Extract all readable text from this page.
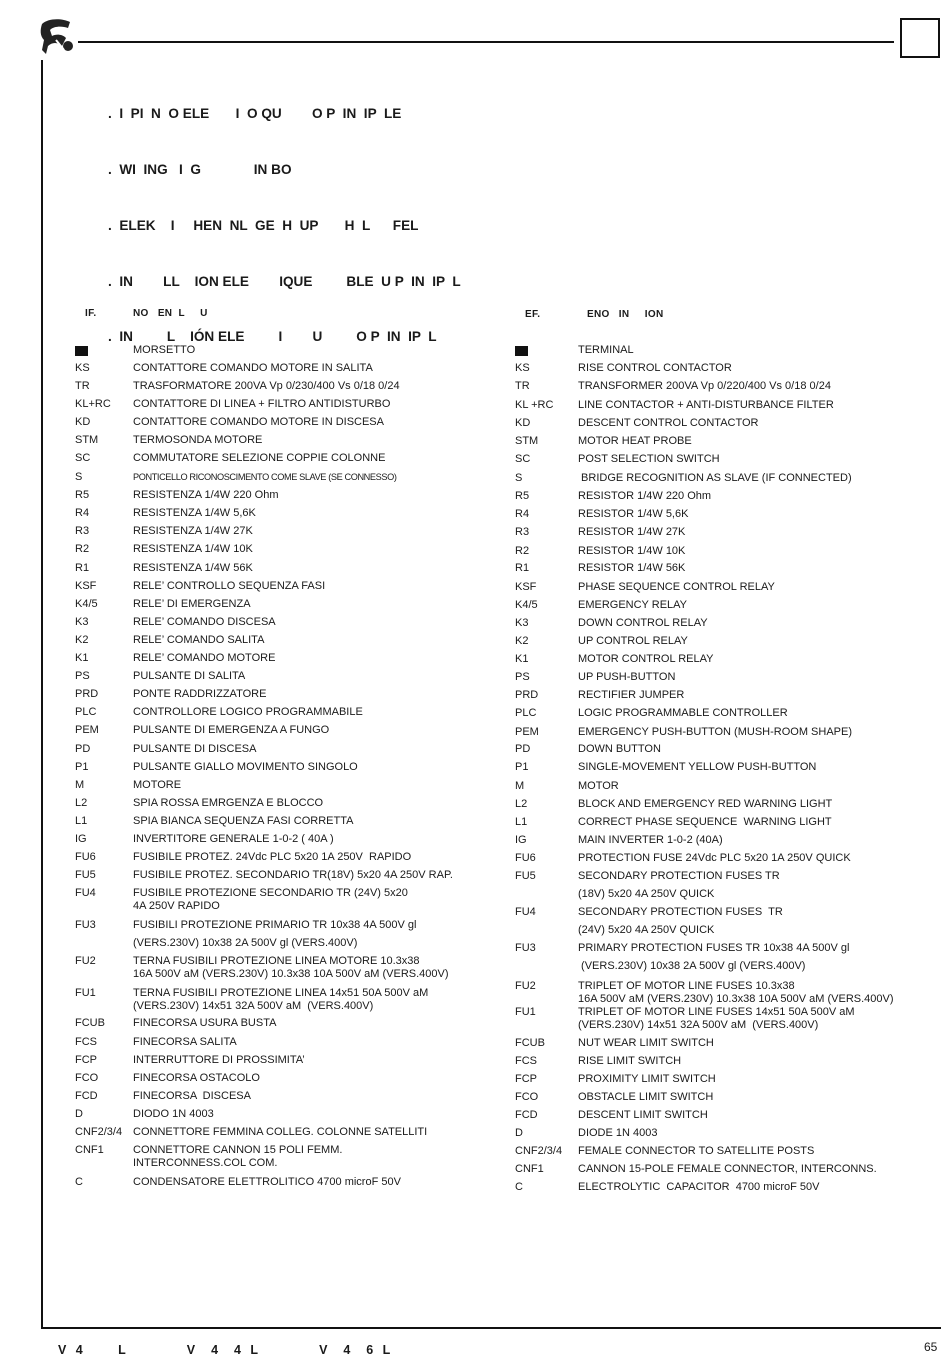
.  I  PI  N  O ELE       I  O QU        O P  IN  IP  LE

.  WI  ING   I  G              IN BO

.  ELEK    I     HEN  NL  GE  H  UP       H  L      FEL

.  IN        LL    ION ELE        IQUE         BLE  U P  IN  IP  L

.  IN         L    IÓN ELE         I        U         O P  IN  IP  L

IF.	NO   EN  L     U	EF.	ENO   IN     ION
MORSETTO
KS	CONTATTORE COMANDO MOTORE IN SALITA
TR	TRASFORMATORE 200VA Vp 0/230/400 Vs 0/18 0/24
KL+RC CONTATTORE DI LINEA + FILTRO ANTIDISTURBO
KD	CONTATTORE COMANDO MOTORE IN DISCESA
STM	TERMOSONDA MOTORE
SC	COMMUTATORE SELEZIONE COPPIE COLONNE
S	PONTICELLO RICONOSCIMENTO COME SLAVE (SE CONNESSO)
R5	RESISTENZA 1/4W 220 Ohm
R4	RESISTENZA 1/4W 5,6K
R3	RESISTENZA 1/4W 27K
R2	RESISTENZA 1/4W 10K
R1	RESISTENZA 1/4W 56K
KSF	RELE’ CONTROLLO SEQUENZA FASI
K4/5	RELE’ DI EMERGENZA
K3	RELE’ COMANDO DISCESA
K2	RELE’ COMANDO SALITA
K1	RELE’ COMANDO MOTORE
PS	PULSANTE DI SALITA
PRD	PONTE RADDRIZZATORE
PLC	CONTROLLORE LOGICO PROGRAMMABILE
PEM	PULSANTE DI EMERGENZA A FUNGO
PD	PULSANTE DI DISCESA
P1	PULSANTE GIALLO MOVIMENTO SINGOLO
M	MOTORE
L2	SPIA ROSSA EMRGENZA E BLOCCO
L1	SPIA BIANCA SEQUENZA FASI CORRETTA
IG	INVERTITORE GENERALE 1-0-2 ( 40A )
FU6	FUSIBILE PROTEZ. 24Vdc PLC 5x20 1A 250V  RAPIDO
FU5	FUSIBILE PROTEZ. SECONDARIO TR(18V) 5x20 4A 250V RAP.
FU4	FUSIBILE PROTEZIONE SECONDARIO TR (24V) 5x20
4A 250V RAPIDO
FU3	FUSIBILI PROTEZIONE PRIMARIO TR 10x38 4A 500V gl
(VERS.230V) 10x38 2A 500V gl (VERS.400V)
FU2	TERNA FUSIBILI PROTEZIONE LINEA MOTORE 10.3x38
16A 500V aM (VERS.230V) 10.3x38 10A 500V aM (VERS.400V)
FU1	TERNA FUSIBILI PROTEZIONE LINEA 14x51 50A 500V aM
(VERS.230V) 14x51 32A 500V aM  (VERS.400V)
FCUB	FINECORSA USURA BUSTA
FCS	FINECORSA SALITA
FCP	INTERRUTTORE DI PROSSIMITA’
FCO	FINECORSA OSTACOLO
FCD	FINECORSA  DISCESA
D	DIODO 1N 4003
CNF2/3/4 CONNETTORE FEMMINA COLLEG. COLONNE SATELLITI
CNF1	CONNETTORE CANNON 15 POLI FEMM.
INTERCONNESS.COL COM.
C	CONDENSATORE ELETTROLITICO 4700 microF 50V
TERMINAL
KS	RISE CONTROL CONTACTOR
TR	TRANSFORMER 200VA Vp 0/220/400 Vs 0/18 0/24
KL +RC LINE CONTACTOR + ANTI-DISTURBANCE FILTER
KD	DESCENT CONTROL CONTACTOR
STM	MOTOR HEAT PROBE
SC	POST SELECTION SWITCH
S	BRIDGE RECOGNITION AS SLAVE (IF CONNECTED)
R5	RESISTOR 1/4W 220 Ohm
R4	RESISTOR 1/4W 5,6K
R3	RESISTOR 1/4W 27K
R2	RESISTOR 1/4W 10K
R1	RESISTOR 1/4W 56K
KSF	PHASE SEQUENCE CONTROL RELAY
K4/5	EMERGENCY RELAY
K3	DOWN CONTROL RELAY
K2	UP CONTROL RELAY
K1	MOTOR CONTROL RELAY
PS	UP PUSH-BUTTON
PRD	RECTIFIER JUMPER
PLC	LOGIC PROGRAMMABLE CONTROLLER
PEM	EMERGENCY PUSH-BUTTON (MUSH-ROOM SHAPE)
PD	DOWN BUTTON
P1	SINGLE-MOVEMENT YELLOW PUSH-BUTTON
M	MOTOR
L2	BLOCK AND EMERGENCY RED WARNING LIGHT
L1	CORRECT PHASE SEQUENCE  WARNING LIGHT
IG	MAIN INVERTER 1-0-2 (40A)
FU6	PROTECTION FUSE 24Vdc PLC 5x20 1A 250V QUICK
FU5	SECONDARY PROTECTION FUSES TR
(18V) 5x20 4A 250V QUICK
FU4	SECONDARY PROTECTION FUSES  TR
(24V) 5x20 4A 250V QUICK
FU3	PRIMARY PROTECTION FUSES TR 10x38 4A 500V gl
(VERS.230V) 10x38 2A 500V gl (VERS.400V)
FU2	TRIPLET OF MOTOR LINE FUSES 10.3x38
16A 500V aM (VERS.230V) 10.3x38 10A 500V aM (VERS.400V)
FU1	TRIPLET OF MOTOR LINE FUSES 14x51 50A 500V aM
(VERS.230V) 14x51 32A 500V aM  (VERS.400V)
FCUB	NUT WEAR LIMIT SWITCH
FCS	RISE LIMIT SWITCH
FCP	PROXIMITY LIMIT SWITCH
FCO	OBSTACLE LIMIT SWITCH
FCD	DESCENT LIMIT SWITCH
D	DIODE 1N 4003
CNF2/3/4 FEMALE CONNECTOR TO SATELLITE POSTS
CNF1	CANNON 15-POLE FEMALE CONNECTOR, INTERCONNS.
C	ELECTROLYTIC  CAPACITOR  4700 microF 50V
V 4     L         V  4  4 L         V  4  6 L	65
